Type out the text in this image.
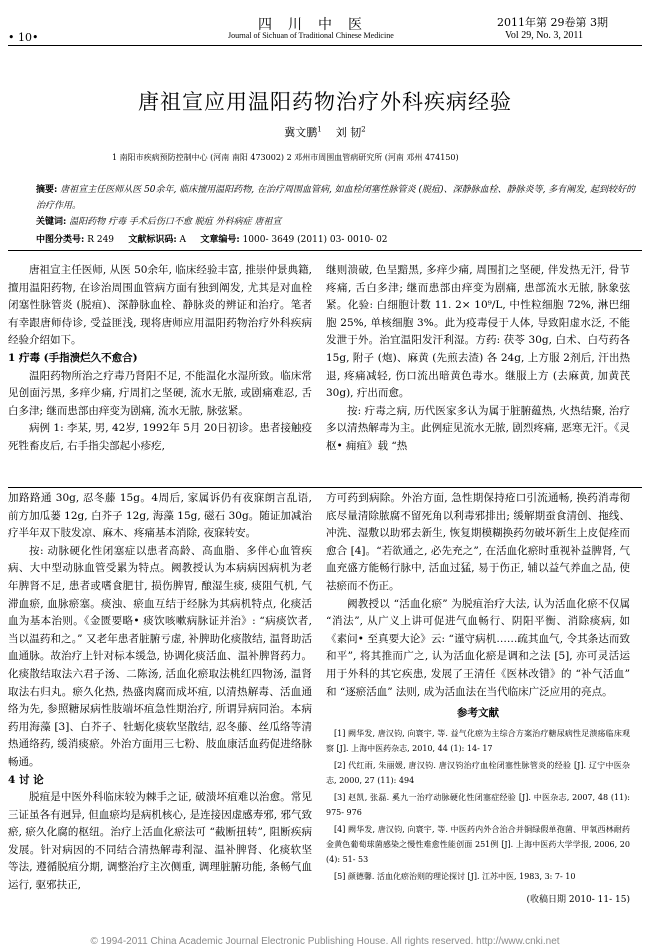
• 10•
四川中医
Journal of Sichuan of Traditional Chinese Medicine
2011年第 29卷第 3期
Vol 29, No. 3, 2011
唐祖宣应用温阳药物治疗外科疾病经验
冀文鹏$^1$ 刘 韧$^2$
1 南阳市疾病预防控制中心 (河南 南阳 473002) 2 邓州市周围血管病研究所 (河南 邓州 474150)
摘要: 唐祖宣主任医师从医 50余年, 临床擅用温阳药物, 在治疗周围血管病, 如血栓闭塞性脉管炎 (脱疽)、深静脉血栓、静脉炎等, 多有阐发, 起到较好的治疗作用。
关键词: 温阳药物 疔毒 手术后伤口不愈 脱疽 外科病症 唐祖宣
中图分类号: R 249 文献标识码: A 文章编号: 1000- 3649 (2011) 03- 0010- 02

唐祖宣主任医师, 从医 50余年, 临床经验丰富, 推崇仲景典籍, 擅用温阳药物, 在诊治周围血管病方面有独到阐发, 尤其是对血栓闭塞性脉管炎 (脱疽)、深静脉血栓、静脉炎的辨证和治疗。笔者有幸跟唐师侍诊, 受益匪浅, 现将唐师应用温阳药物治疗外科疾病经验介绍如下。

1 疔毒 (手指溃烂久不愈合)

温阳药物所治之疗毒乃肾阳不足, 不能温化水湿所致。临床常见创面污黑, 多痒少痛, 疔周扪之坚硬, 流水无脓, 或剧痛难忍, 舌白多津; 继而患部由痒变为剧痛, 流水无脓, 脉弦紧。

病例 1: 李某, 男, 42岁, 1992年 5月 20日初诊。患者接触疫死牲畜皮后, 右手指尖部起小疹疙,

继则溃破, 色呈黯黑, 多痒少痛, 周围扪之坚硬, 伴发热无汗, 骨节疼痛, 舌白多津; 继而患部由痒变为剧痛, 患部流水无脓, 脉象弦紧。化验: 白细胞计数 11. 2× 10⁹/L, 中性粒细胞 72%, 淋巴细胞 25%, 单核细胞 3%。此为疫毒侵于人体, 导致阳虚水泛, 不能发泄于外。治宜温阳发汗利湿。方药: 茯苓 30g, 白术、白芍药各 15g, 附子 (炮)、麻黄 (先煎去渣) 各 24g, 上方服 2剂后, 汗出热退, 疼痛减轻, 伤口流出暗黄色毒水。继服上方 (去麻黄, 加黄芪 30g), 疔出而愈。

按: 疔毒之病, 历代医家多认为属于脏腑蕴热, 火热结聚, 治疗多以清热解毒为主。此例症见流水无脓, 剧烈疼痛, 恶寒无汗。《灵枢• 痈疽》载 “热

加路路通 30g, 忍冬藤 15g。4周后, 家属诉仍有夜寐朗言乱语, 前方加瓜蒌 12g, 白芥子 12g, 海藻 15g, 磁石 30g。随证加减治疗半年双下肢发凉、麻木、疼痛基本消除, 夜寐转安。

按: 动脉硬化性闭塞症以患者高龄、高血脂、多伴心血管疾病、大中型动脉血管受累为特点。阙教授认为本病病因病机为老年脾肾不足, 患者或嗜食肥甘, 损伤脾胃, 酿湿生痰, 痰阻气机, 气滞血瘀, 血脉瘀塞。痰浊、瘀血互结于经脉为其病机特点, 化痰活血为基本治则。《金匮要略• 痰饮咳嗽病脉证并治》: “病痰饮者, 当以温药和之。” 又老年患者脏腑亏虚, 补脾助化痰散结, 温肾助活血通脉。故治疗上针对标本缓急, 协调化痰活血、温补脾肾药力。化痰散结取法六君子汤、二陈汤, 活血化瘀取法桃红四物汤, 温肾取法右归丸。瘀久化热, 热盛肉腐而成坏疽, 以清热解毒、活血通络为先, 参照糖尿病性肢端坏疽急性期治疗, 所谓异病同治。本病药用海藻 [3]、白芥子、牡蛎化痰软坚散结, 忍冬藤、丝瓜络等清热通络药, 缓消痰瘀。外治方面用三七粉、肢血康活血药促进络脉畅通。

4 讨 论

脱疽是中医外科临床较为棘手之证, 破溃坏疽难以治愈。常见三证虽各有迥异, 但血瘀均是病机核心, 是连接因虚感寿邪, 邪气致瘀, 瘀久化腐的枢纽。治疗上活血化瘀法可 “截断扭转”, 阻断疾病发展。针对病因的不同结合清热解毒利湿、温补脾肾、化痰软坚等法, 遵循脱疽分期, 调整治疗主次侧重, 调理脏腑功能, 条畅气血运行, 驱邪扶正,

方可药到病除。外治方面, 急性期保持疮口引流通畅, 换药消毒彻底尽量清除脓腐不留死角以利毒邪排出; 缓解期蚕食清创、拖线、冲洗、湿敷以助邪去新生, 恢复期模糊换药勿破坏新生上皮促痊而愈合 [4]。“若欲通之, 必先充之”, 在活血化瘀时重视补益脾肾, 气血充盛方能畅行脉中, 活血过猛, 易于伤正, 辅以益气养血之品, 使祛瘀而不伤正。

阙教授以 “活血化瘀” 为脱疽治疗大法, 认为活血化瘀不仅属 “消法”, 从广义上讲可促进气血畅行、阴阳平衡、消除痰病, 如《素问• 至真要大论》云: “谨守病机……疏其血气, 令其条达而致和平”, 将其推而广之, 认为活血化瘀是调和之法 [5], 亦可灵活运用于外科的其它疾患, 发展了王清任《医林改错》的 “补气活血” 和 “逐瘀活血” 法则, 成为活血法在当代临床广泛应用的亮点。

参考文献

[1] 阙华发, 唐汉钧, 向寰宇, 等. 益气化瘀为主综合方案治疗糖尿病性足溃疡临床观察 [J]. 上海中医药杂志, 2010, 44 (1): 14- 17

[2] 代红雨, 朱丽媛, 唐汉钧. 唐汉钧治疗血栓闭塞性脉管炎的经验 [J]. 辽宁中医杂志, 2000, 27 (11): 494

[3] 赵凯, 张磊. 奚九一治疗动脉硬化性闭塞症经验 [J]. 中医杂志, 2007, 48 (11): 975- 976

[4] 阙华发, 唐汉钧, 向寰宇, 等. 中医药内外合治合并铜绿假单孢菌、甲氧西林耐药金黄色葡萄球菌感染之慢性难愈性能创面 251例 [J]. 上海中医药大学学报, 2006, 20 (4): 51- 53

[5] 颜德馨. 活血化瘀治则的理论探讨 [J]. 江苏中医, 1983, 3: 7- 10

(收稿日期 2010- 11- 15)
© 1994-2011 China Academic Journal Electronic Publishing House. All rights reserved. http://www.cnki.net
